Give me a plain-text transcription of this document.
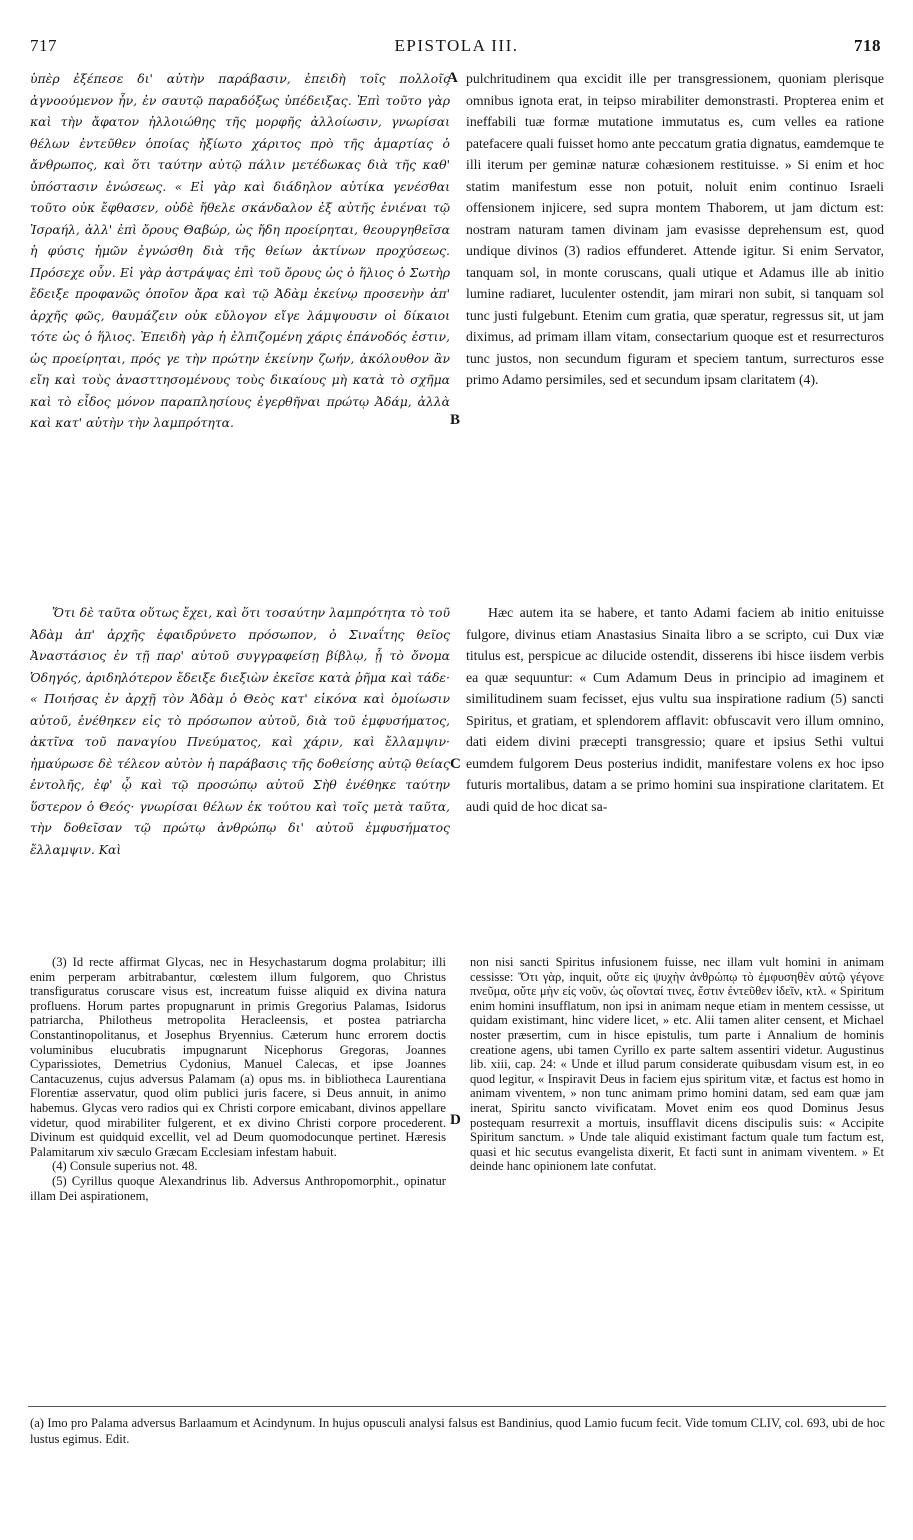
EPISTOLA III.
717	718

ὑπὲρ ἐξέπεσε δι' αὐτὴν παράβασιν, ἐπειδὴ τοῖς πολλοῖς ἀγνοούμενον ἦν, ἐν σαυτῷ παραδόξως ὑπέδειξας. Ἐπὶ τοῦτο γὰρ καὶ τὴν ἄφατον ἠλλοιώθης τῆς μορφῆς ἀλλοίωσιν, γνωρίσαι θέλων ἐντεῦθεν ὁποίας ἠξίωτο χάριτος πρὸ τῆς ἁμαρτίας ὁ ἄνθρωπος, καὶ ὅτι ταύτην αὐτῷ πάλιν μετέδωκας διὰ τῆς καθ' ὑπόστασιν ἑνώσεως. « Εἰ γὰρ καὶ διάδηλον αὐτίκα γενέσθαι τοῦτο οὐκ ἔφθασεν, οὐδὲ ἤθελε σκάνδαλον ἐξ αὐτῆς ἐνιέναι τῷ Ἰσραήλ, ἀλλ' ἐπὶ ὄρους Θαβώρ, ὡς ἤδη προείρηται, θεουργηθεῖσα ἡ φύσις ἡμῶν ἐγνώσθη διὰ τῆς θείων ἀκτίνων προχύσεως. Πρόσεχε οὖν. Εἰ γὰρ ἀστράψας ἐπὶ τοῦ ὄρους ὡς ὁ ἥλιος ὁ Σωτὴρ ἔδειξε προφανῶς ὁποῖον ἄρα καὶ τῷ Ἀδὰμ ἐκείνῳ προσενὴν ἀπ' ἀρχῆς φῶς, θαυμάζειν οὐκ εὔλογον εἴγε λάμψουσιν οἱ δίκαιοι τότε ὡς ὁ ἥλιος. Ἐπειδὴ γὰρ ἡ ἐλπιζομένη χάρις ἐπάνοδός ἐστιν, ὡς προείρηται, πρός γε τὴν πρώτην ἐκείνην ζωήν, ἀκόλουθον ἂν εἴη καὶ τοὺς ἀνασττησομένους τοὺς δικαίους μὴ κατὰ τὸ σχῆμα καὶ τὸ εἶδος μόνον παραπλησίους ἐγερθῆναι πρώτῳ Ἀδάμ, ἀλλὰ καὶ κατ' αὐτὴν τὴν λαμπρότητα.

Ὅτι δὲ ταῦτα οὕτως ἔχει, καὶ ὅτι τοσαύτην λαμπρότητα τὸ τοῦ Ἀδὰμ ἀπ' ἀρχῆς ἐφαιδρύνετο πρόσωπον, ὁ Σιναΐτης θεῖος Ἀναστάσιος ἐν τῇ παρ' αὐτοῦ συγγραφείσῃ βίβλῳ, ᾗ τὸ ὄνομα Ὁδηγός, ἀριδηλότερον ἔδειξε διεξιὼν ἐκεῖσε κατὰ ῥῆμα καὶ τάδε· « Ποιήσας ἐν ἀρχῇ τὸν Ἀδὰμ ὁ Θεὸς κατ' εἰκόνα καὶ ὁμοίωσιν αὐτοῦ, ἐνέθηκεν εἰς τὸ πρόσωπον αὐτοῦ, διὰ τοῦ ἐμφυσήματος, ἀκτῖνα τοῦ παναγίου Πνεύματος, καὶ χάριν, καὶ ἔλλαμψιν· ἠμαύρωσε δὲ τέλεον αὐτὸν ἡ παράβασις τῆς δοθείσης αὐτῷ θείας ἐντολῆς, ἐφ' ᾧ καὶ τῷ προσώπῳ αὐτοῦ Σὴθ ἐνέθηκε ταύτην ὕστερον ὁ Θεός· γνωρίσαι θέλων ἐκ τούτου καὶ τοῖς μετὰ ταῦτα, τὴν δοθεῖσαν τῷ πρώτῳ ἀνθρώπῳ δι' αὐτοῦ ἐμφυσήματος ἔλλαμψιν. Καὶ

pulchritudinem qua excidit ille per transgressionem, quoniam plerisque omnibus ignota erat, in teipso mirabiliter demonstrasti. Propterea enim et ineffabili tuæ formæ mutatione immutatus es, cum velles ea ratione patefacere quali fuisset homo ante peccatum gratia dignatus, eamdemque te illi iterum per geminæ naturæ cohæsionem restituisse. » Si enim et hoc statim manifestum esse non potuit, noluit enim continuo Israeli offensionem injicere, sed supra montem Thaborem, ut jam dictum est: nostram naturam tamen divinam jam evasisse deprehensum est, quod undique divinos (3) radios effunderet. Attende igitur. Si enim Servator, tanquam sol, in monte coruscans, quali utique et Adamus ille ab initio lumine radiaret, luculenter ostendit, jam mirari non subit, si tanquam sol tunc justi fulgebunt. Etenim cum gratia, quæ speratur, regressus sit, ut jam diximus, ad primam illam vitam, consectarium quoque est et resurrecturos tunc justos, non secundum figuram et speciem tantum, surrecturos esse primo Adamo persimiles, sed et secundum ipsam claritatem (4).

Hæc autem ita se habere, et tanto Adami faciem ab initio enituisse fulgore, divinus etiam Anastasius Sinaita libro a se scripto, cui Dux viæ titulus est, perspicue ac dilucide ostendit, disserens ibi hisce iisdem verbis ea quæ sequuntur: « Cum Adamum Deus in principio ad imaginem et similitudinem suam fecisset, ejus vultu sua inspiratione radium (5) sancti Spiritus, et gratiam, et splendorem afflavit: obfuscavit vero illum omnino, dati eidem divini præcepti transgressio; quare et ipsius Sethi vultui eumdem fulgorem Deus posterius indidit, manifestare volens ex hoc ipso futuris mortalibus, datam a se primo homini sua inspiratione claritatem. Et audi quid de hoc dicat sa-

A
B
C
D

(3) Id recte affirmat Glycas, nec in Hesychastarum dogma prolabitur; illi enim perperam arbitrabantur, cœlestem illum fulgorem, quo Christus transfiguratus coruscare visus est, increatum fuisse aliquid ex divina natura profluens. Horum partes propugnarunt in primis Gregorius Palamas, Isidorus patriarcha, Philotheus metropolita Heracleensis, et postea patriarcha Constantinopolitanus, et Josephus Bryennius. Cæterum hunc errorem doctis voluminibus elucubratis impugnarunt Nicephorus Gregoras, Joannes Cyparissiotes, Demetrius Cydonius, Manuel Calecas, et ipse Joannes Cantacuzenus, cujus adversus Palamam (a) opus ms. in bibliotheca Laurentiana Florentiæ asservatur, quod olim publici juris facere, si Deus annuit, in animo habemus. Glycas vero radios qui ex Christi corpore emicabant, divinos appellare videtur, quod mirabiliter fulgerent, et ex divino Christi corpore procederent. Divinum est quidquid excellit, vel ad Deum quomodocunque pertinet. Hæresis Palamitarum xiv sæculo Græcam Ecclesiam infestam habuit.

(4) Consule superius not. 48.

(5) Cyrillus quoque Alexandrinus lib. Adversus Anthropomorphit., opinatur illam Dei aspirationem,

non nisi sancti Spiritus infusionem fuisse, nec illam vult homini in animam cessisse: Ὅτι γὰρ, inquit, οὔτε εἰς ψυχὴν ἀνθρώπῳ τὸ ἐμφυσηθὲν αὐτῷ γέγονε πνεῦμα, οὔτε μὴν εἰς νοῦν, ὡς οἴονταί τινες, ἔστιν ἐντεῦθεν ἰδεῖν, κτλ. « Spiritum enim homini insufflatum, non ipsi in animam neque etiam in mentem cessisse, ut quidam existimant, hinc videre licet, » etc. Alii tamen aliter censent, et Michael noster præsertim, cum in hisce epistulis, tum parte i Annalium de hominis creatione agens, ubi tamen Cyrillo ex parte saltem assentiri videtur. Augustinus lib. xiii, cap. 24: « Unde et illud parum considerate quibusdam visum est, in eo quod legitur, « Inspiravit Deus in faciem ejus spiritum vitæ, et factus est homo in animam viventem, » non tunc animam primo homini datam, sed eam quæ jam inerat, Spiritu sancto vivificatam. Movet enim eos quod Dominus Jesus postequam resurrexit a mortuis, insufflavit dicens discipulis suis: « Accipite Spiritum sanctum. » Unde tale aliquid existimant factum quale tum factum est, quasi et hic secutus evangelista dixerit, Et facti sunt in animam viventem. » Et deinde hanc opinionem late confutat.

(a) Imo pro Palama adversus Barlaamum et Acindynum. In hujus opusculi analysi falsus est Bandinius, quod Lamio fucum fecit. Vide tomum CLIV, col. 693, ubi de hoc lustus egimus. Edit.
